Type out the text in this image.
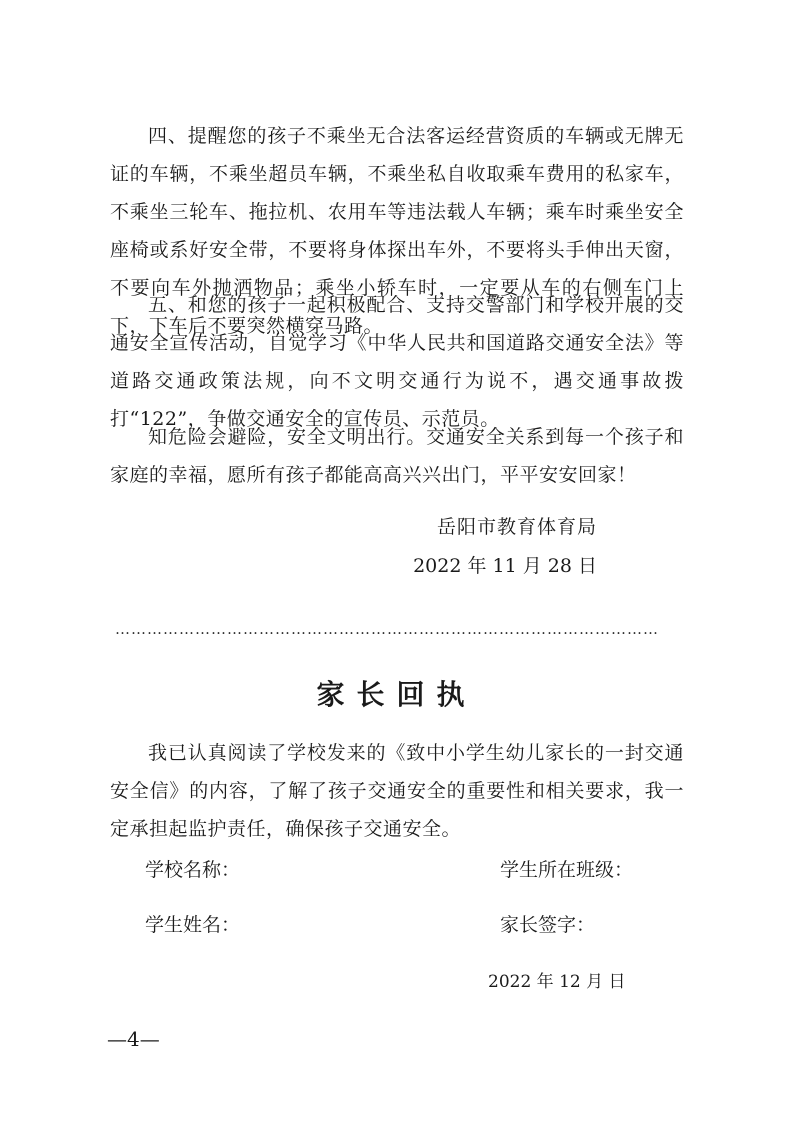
四、提醒您的孩子不乘坐无合法客运经营资质的车辆或无牌无证的车辆，不乘坐超员车辆，不乘坐私自收取乘车费用的私家车，不乘坐三轮车、拖拉机、农用车等违法载人车辆；乘车时乘坐安全座椅或系好安全带，不要将身体探出车外，不要将头手伸出天窗，不要向车外抛洒物品；乘坐小轿车时，一定要从车的右侧车门上下，下车后不要突然横穿马路。

五、和您的孩子一起积极配合、支持交警部门和学校开展的交通安全宣传活动，自觉学习《中华人民共和国道路交通安全法》等道路交通政策法规，向不文明交通行为说不，遇交通事故拨打“122”，争做交通安全的宣传员、示范员。

知危险会避险，安全文明出行。交通安全关系到每一个孩子和家庭的幸福，愿所有孩子都能高高兴兴出门，平平安安回家！

岳阳市教育体育局
2022 年 11 月 28 日
…………………………………………………………………………………………
家长回执

我已认真阅读了学校发来的《致中小学生幼儿家长的一封交通安全信》的内容，了解了孩子交通安全的重要性和相关要求，我一定承担起监护责任，确保孩子交通安全。

学校名称：	学生所在班级：
学生姓名：	家长签字：
2022 年 12 月 日
—4—
